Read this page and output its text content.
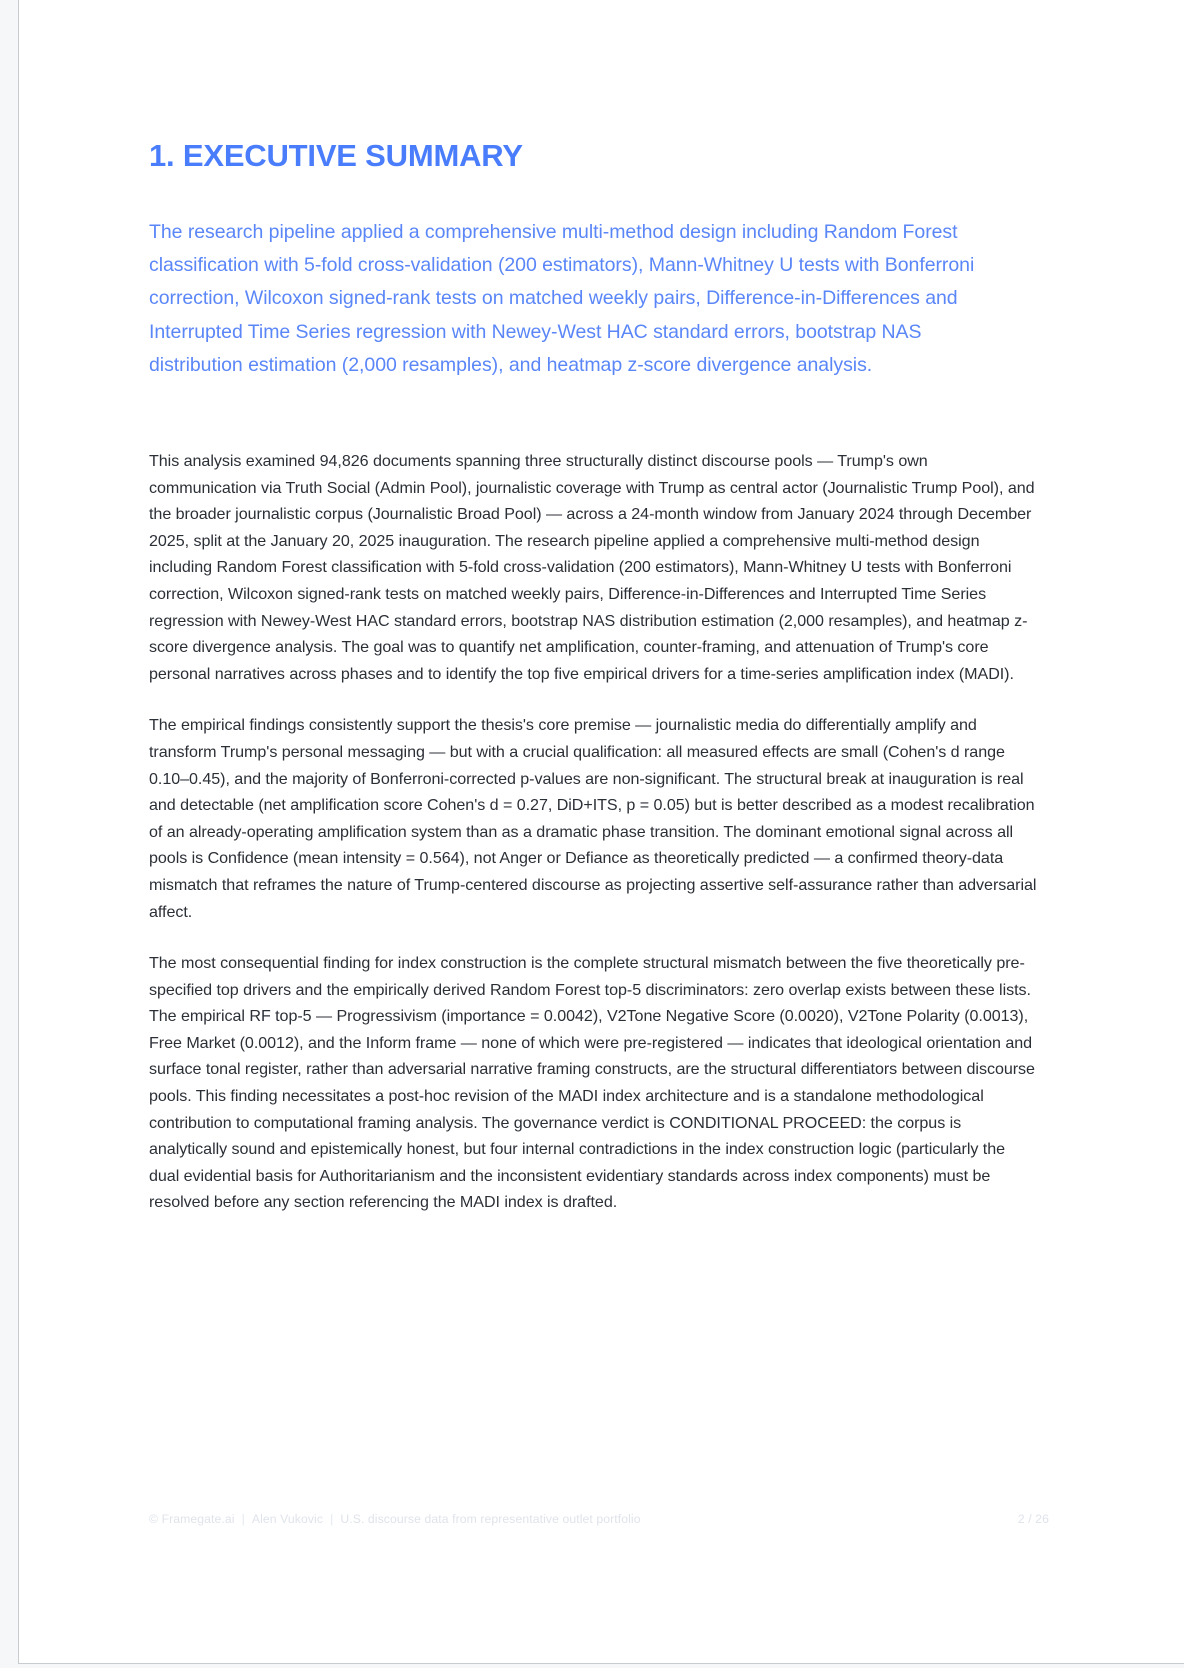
1. EXECUTIVE SUMMARY

The research pipeline applied a comprehensive multi-method design including Random Forest classification with 5-fold cross-validation (200 estimators), Mann-Whitney U tests with Bonferroni correction, Wilcoxon signed-rank tests on matched weekly pairs, Difference-in-Differences and Interrupted Time Series regression with Newey-West HAC standard errors, bootstrap NAS distribution estimation (2,000 resamples), and heatmap z-score divergence analysis.

This analysis examined 94,826 documents spanning three structurally distinct discourse pools — Trump's own communication via Truth Social (Admin Pool), journalistic coverage with Trump as central actor (Journalistic Trump Pool), and the broader journalistic corpus (Journalistic Broad Pool) — across a 24-month window from January 2024 through December 2025, split at the January 20, 2025 inauguration. The research pipeline applied a comprehensive multi-method design including Random Forest classification with 5-fold cross-validation (200 estimators), Mann-Whitney U tests with Bonferroni correction, Wilcoxon signed-rank tests on matched weekly pairs, Difference-in-Differences and Interrupted Time Series regression with Newey-West HAC standard errors, bootstrap NAS distribution estimation (2,000 resamples), and heatmap z-score divergence analysis. The goal was to quantify net amplification, counter-framing, and attenuation of Trump's core personal narratives across phases and to identify the top five empirical drivers for a time-series amplification index (MADI).

The empirical findings consistently support the thesis's core premise — journalistic media do differentially amplify and transform Trump's personal messaging — but with a crucial qualification: all measured effects are small (Cohen's d range 0.10–0.45), and the majority of Bonferroni-corrected p-values are non-significant. The structural break at inauguration is real and detectable (net amplification score Cohen's d = 0.27, DiD+ITS, p = 0.05) but is better described as a modest recalibration of an already-operating amplification system than as a dramatic phase transition. The dominant emotional signal across all pools is Confidence (mean intensity = 0.564), not Anger or Defiance as theoretically predicted — a confirmed theory-data mismatch that reframes the nature of Trump-centered discourse as projecting assertive self-assurance rather than adversarial affect.

The most consequential finding for index construction is the complete structural mismatch between the five theoretically pre-specified top drivers and the empirically derived Random Forest top-5 discriminators: zero overlap exists between these lists. The empirical RF top-5 — Progressivism (importance = 0.0042), V2Tone Negative Score (0.0020), V2Tone Polarity (0.0013), Free Market (0.0012), and the Inform frame — none of which were pre-registered — indicates that ideological orientation and surface tonal register, rather than adversarial narrative framing constructs, are the structural differentiators between discourse pools. This finding necessitates a post-hoc revision of the MADI index architecture and is a standalone methodological contribution to computational framing analysis. The governance verdict is CONDITIONAL PROCEED: the corpus is analytically sound and epistemically honest, but four internal contradictions in the index construction logic (particularly the dual evidential basis for Authoritarianism and the inconsistent evidentiary standards across index components) must be resolved before any section referencing the MADI index is drafted.

© Framegate.ai | Alen Vukovic | U.S. discourse data from representative outlet portfolio	2 / 26
